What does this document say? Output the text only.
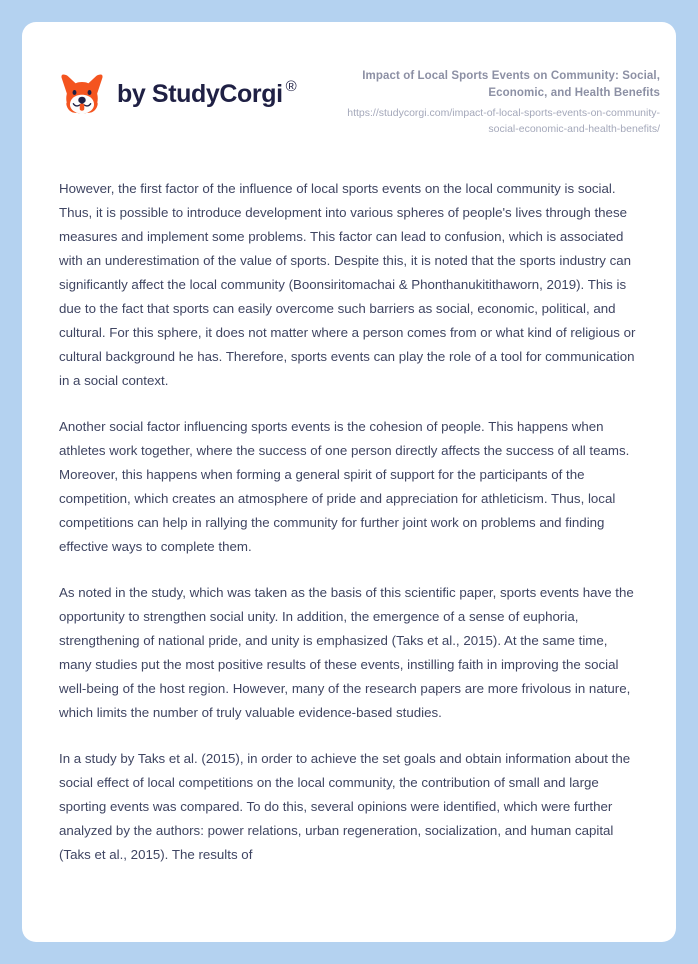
by StudyCorgi ®
Impact of Local Sports Events on Community: Social, Economic, and Health Benefits
https://studycorgi.com/impact-of-local-sports-events-on-community-social-economic-and-health-benefits/

However, the first factor of the influence of local sports events on the local community is social. Thus, it is possible to introduce development into various spheres of people's lives through these measures and implement some problems. This factor can lead to confusion, which is associated with an underestimation of the value of sports. Despite this, it is noted that the sports industry can significantly affect the local community (Boonsiritomachai & Phonthanukitithaworn, 2019). This is due to the fact that sports can easily overcome such barriers as social, economic, political, and cultural. For this sphere, it does not matter where a person comes from or what kind of religious or cultural background he has. Therefore, sports events can play the role of a tool for communication in a social context.

Another social factor influencing sports events is the cohesion of people. This happens when athletes work together, where the success of one person directly affects the success of all teams. Moreover, this happens when forming a general spirit of support for the participants of the competition, which creates an atmosphere of pride and appreciation for athleticism. Thus, local competitions can help in rallying the community for further joint work on problems and finding effective ways to complete them.

As noted in the study, which was taken as the basis of this scientific paper, sports events have the opportunity to strengthen social unity. In addition, the emergence of a sense of euphoria, strengthening of national pride, and unity is emphasized (Taks et al., 2015). At the same time, many studies put the most positive results of these events, instilling faith in improving the social well-being of the host region. However, many of the research papers are more frivolous in nature, which limits the number of truly valuable evidence-based studies.

In a study by Taks et al. (2015), in order to achieve the set goals and obtain information about the social effect of local competitions on the local community, the contribution of small and large sporting events was compared. To do this, several opinions were identified, which were further analyzed by the authors: power relations, urban regeneration, socialization, and human capital (Taks et al., 2015). The results of
